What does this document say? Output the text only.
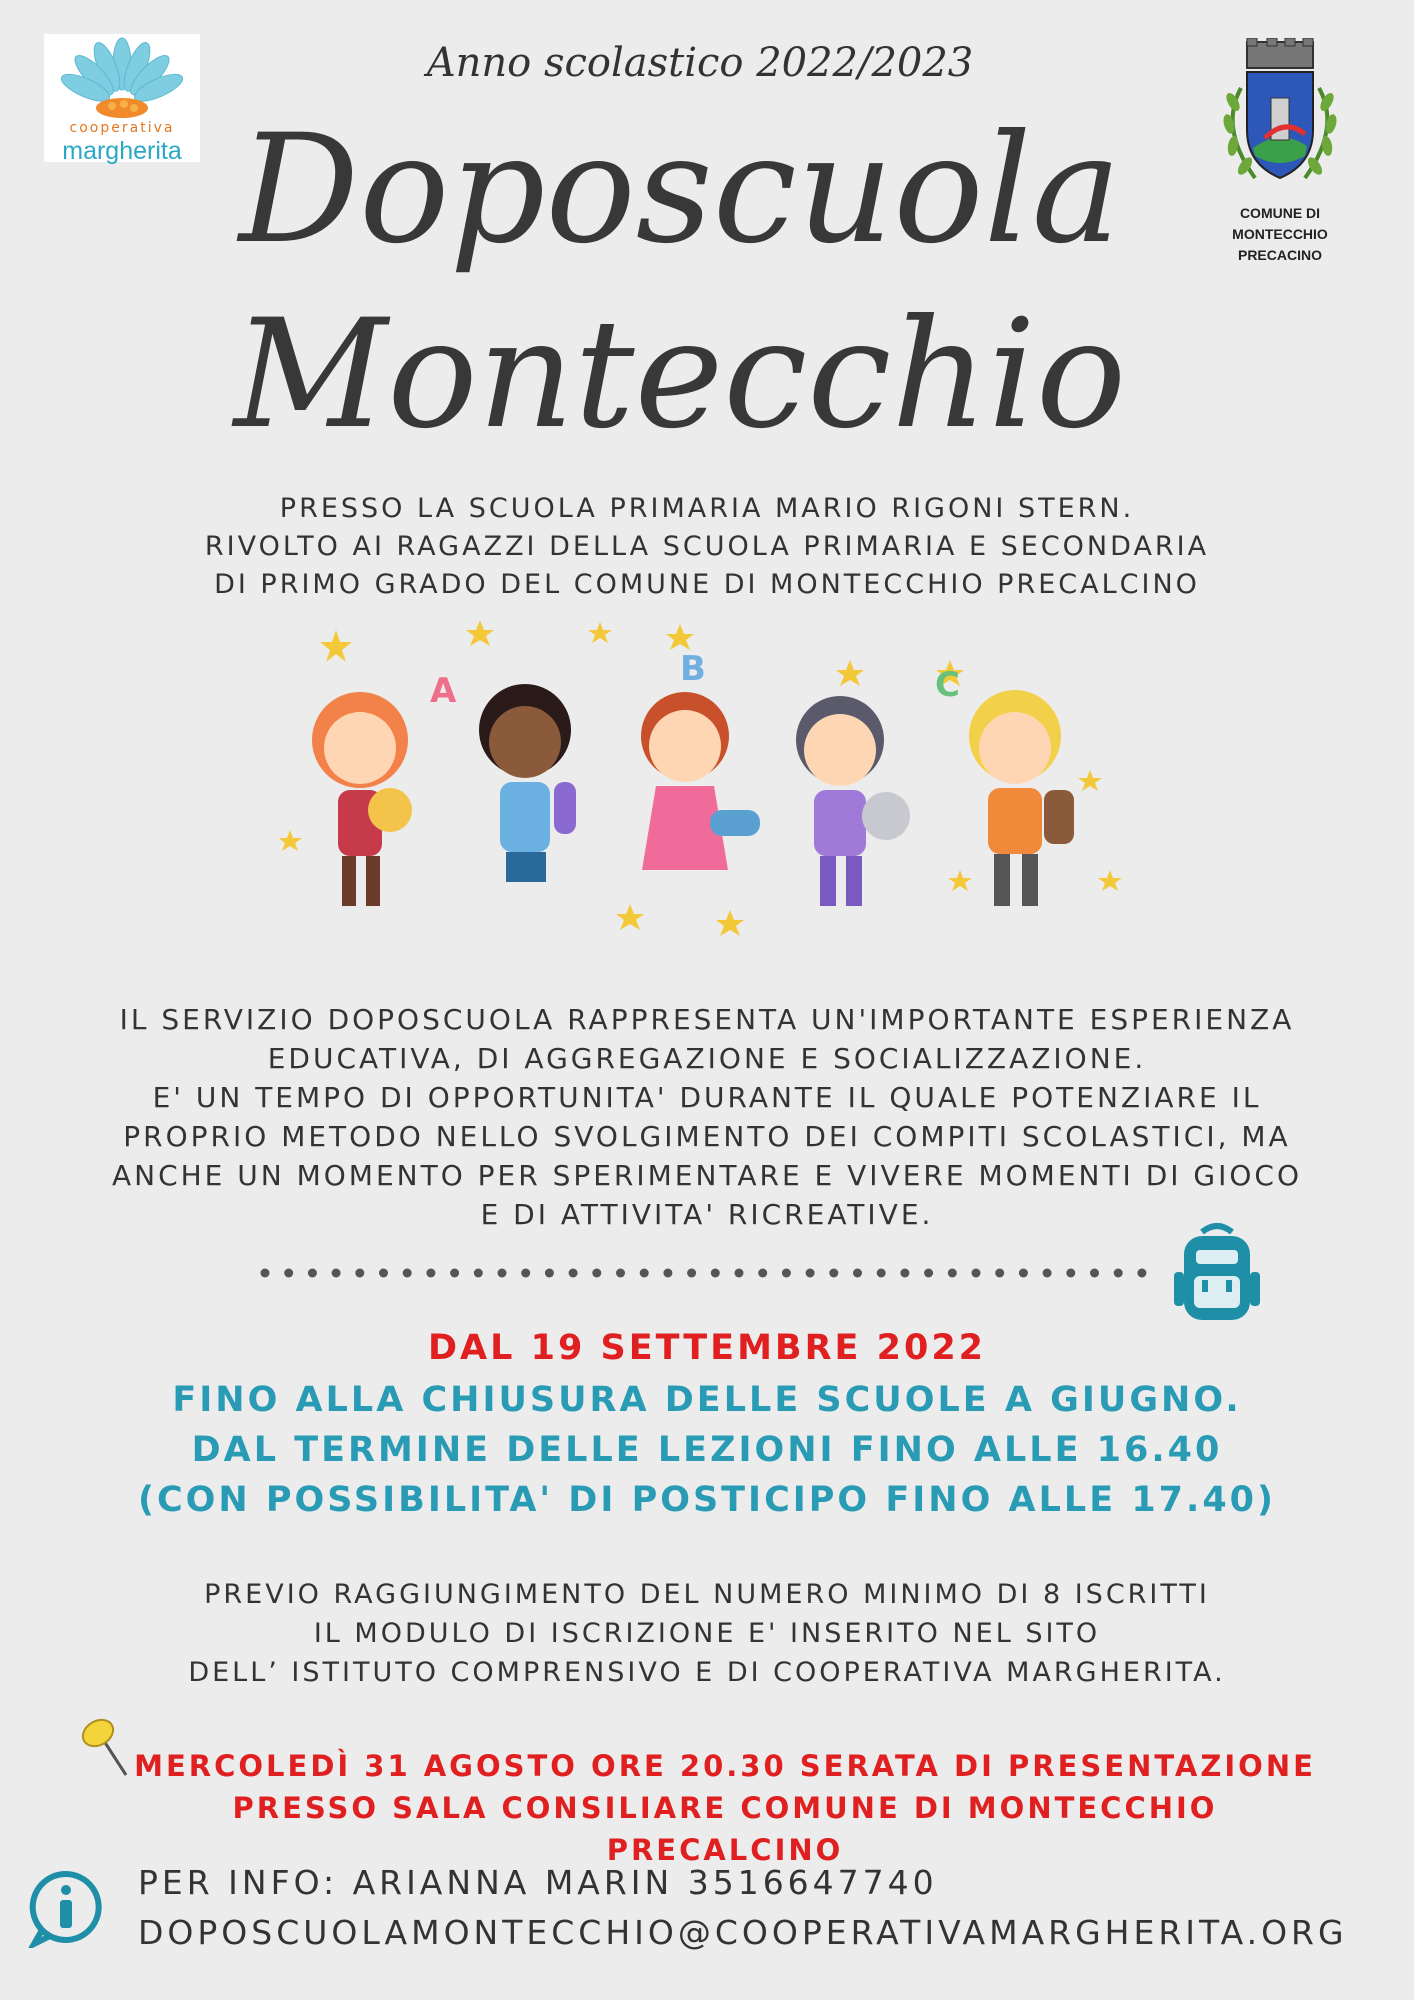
cooperativa
margherita
Anno scolastico 2022/2023
Doposcuola
Montecchio
COMUNE DI
MONTECCHIO
PRECACINO
PRESSO LA SCUOLA PRIMARIA MARIO RIGONI STERN.
RIVOLTO AI RAGAZZI DELLA SCUOLA PRIMARIA E SECONDARIA
DI PRIMO GRADO DEL COMUNE DI MONTECCHIO PRECALCINO
A
B	C
IL SERVIZIO DOPOSCUOLA RAPPRESENTA UN'IMPORTANTE ESPERIENZA
EDUCATIVA, DI AGGREGAZIONE E SOCIALIZZAZIONE.
E' UN TEMPO DI OPPORTUNITA' DURANTE IL QUALE POTENZIARE IL
PROPRIO METODO NELLO SVOLGIMENTO DEI COMPITI SCOLASTICI, MA
ANCHE UN MOMENTO PER SPERIMENTARE E VIVERE MOMENTI DI GIOCO
E DI ATTIVITA' RICREATIVE.
DAL 19 SETTEMBRE 2022
FINO ALLA CHIUSURA DELLE SCUOLE A GIUGNO.
DAL TERMINE DELLE LEZIONI FINO ALLE 16.40
(CON POSSIBILITA' DI POSTICIPO FINO ALLE 17.40)
PREVIO RAGGIUNGIMENTO DEL NUMERO MINIMO DI 8 ISCRITTI
IL MODULO DI ISCRIZIONE E' INSERITO NEL SITO
DELL’ ISTITUTO COMPRENSIVO E DI COOPERATIVA MARGHERITA.
MERCOLEDÌ 31 AGOSTO ORE 20.30 SERATA DI PRESENTAZIONE
PRESSO SALA CONSILIARE COMUNE DI MONTECCHIO PRECALCINO
PER INFO: ARIANNA MARIN 3516647740
DOPOSCUOLAMONTECCHIO@COOPERATIVAMARGHERITA.ORG
